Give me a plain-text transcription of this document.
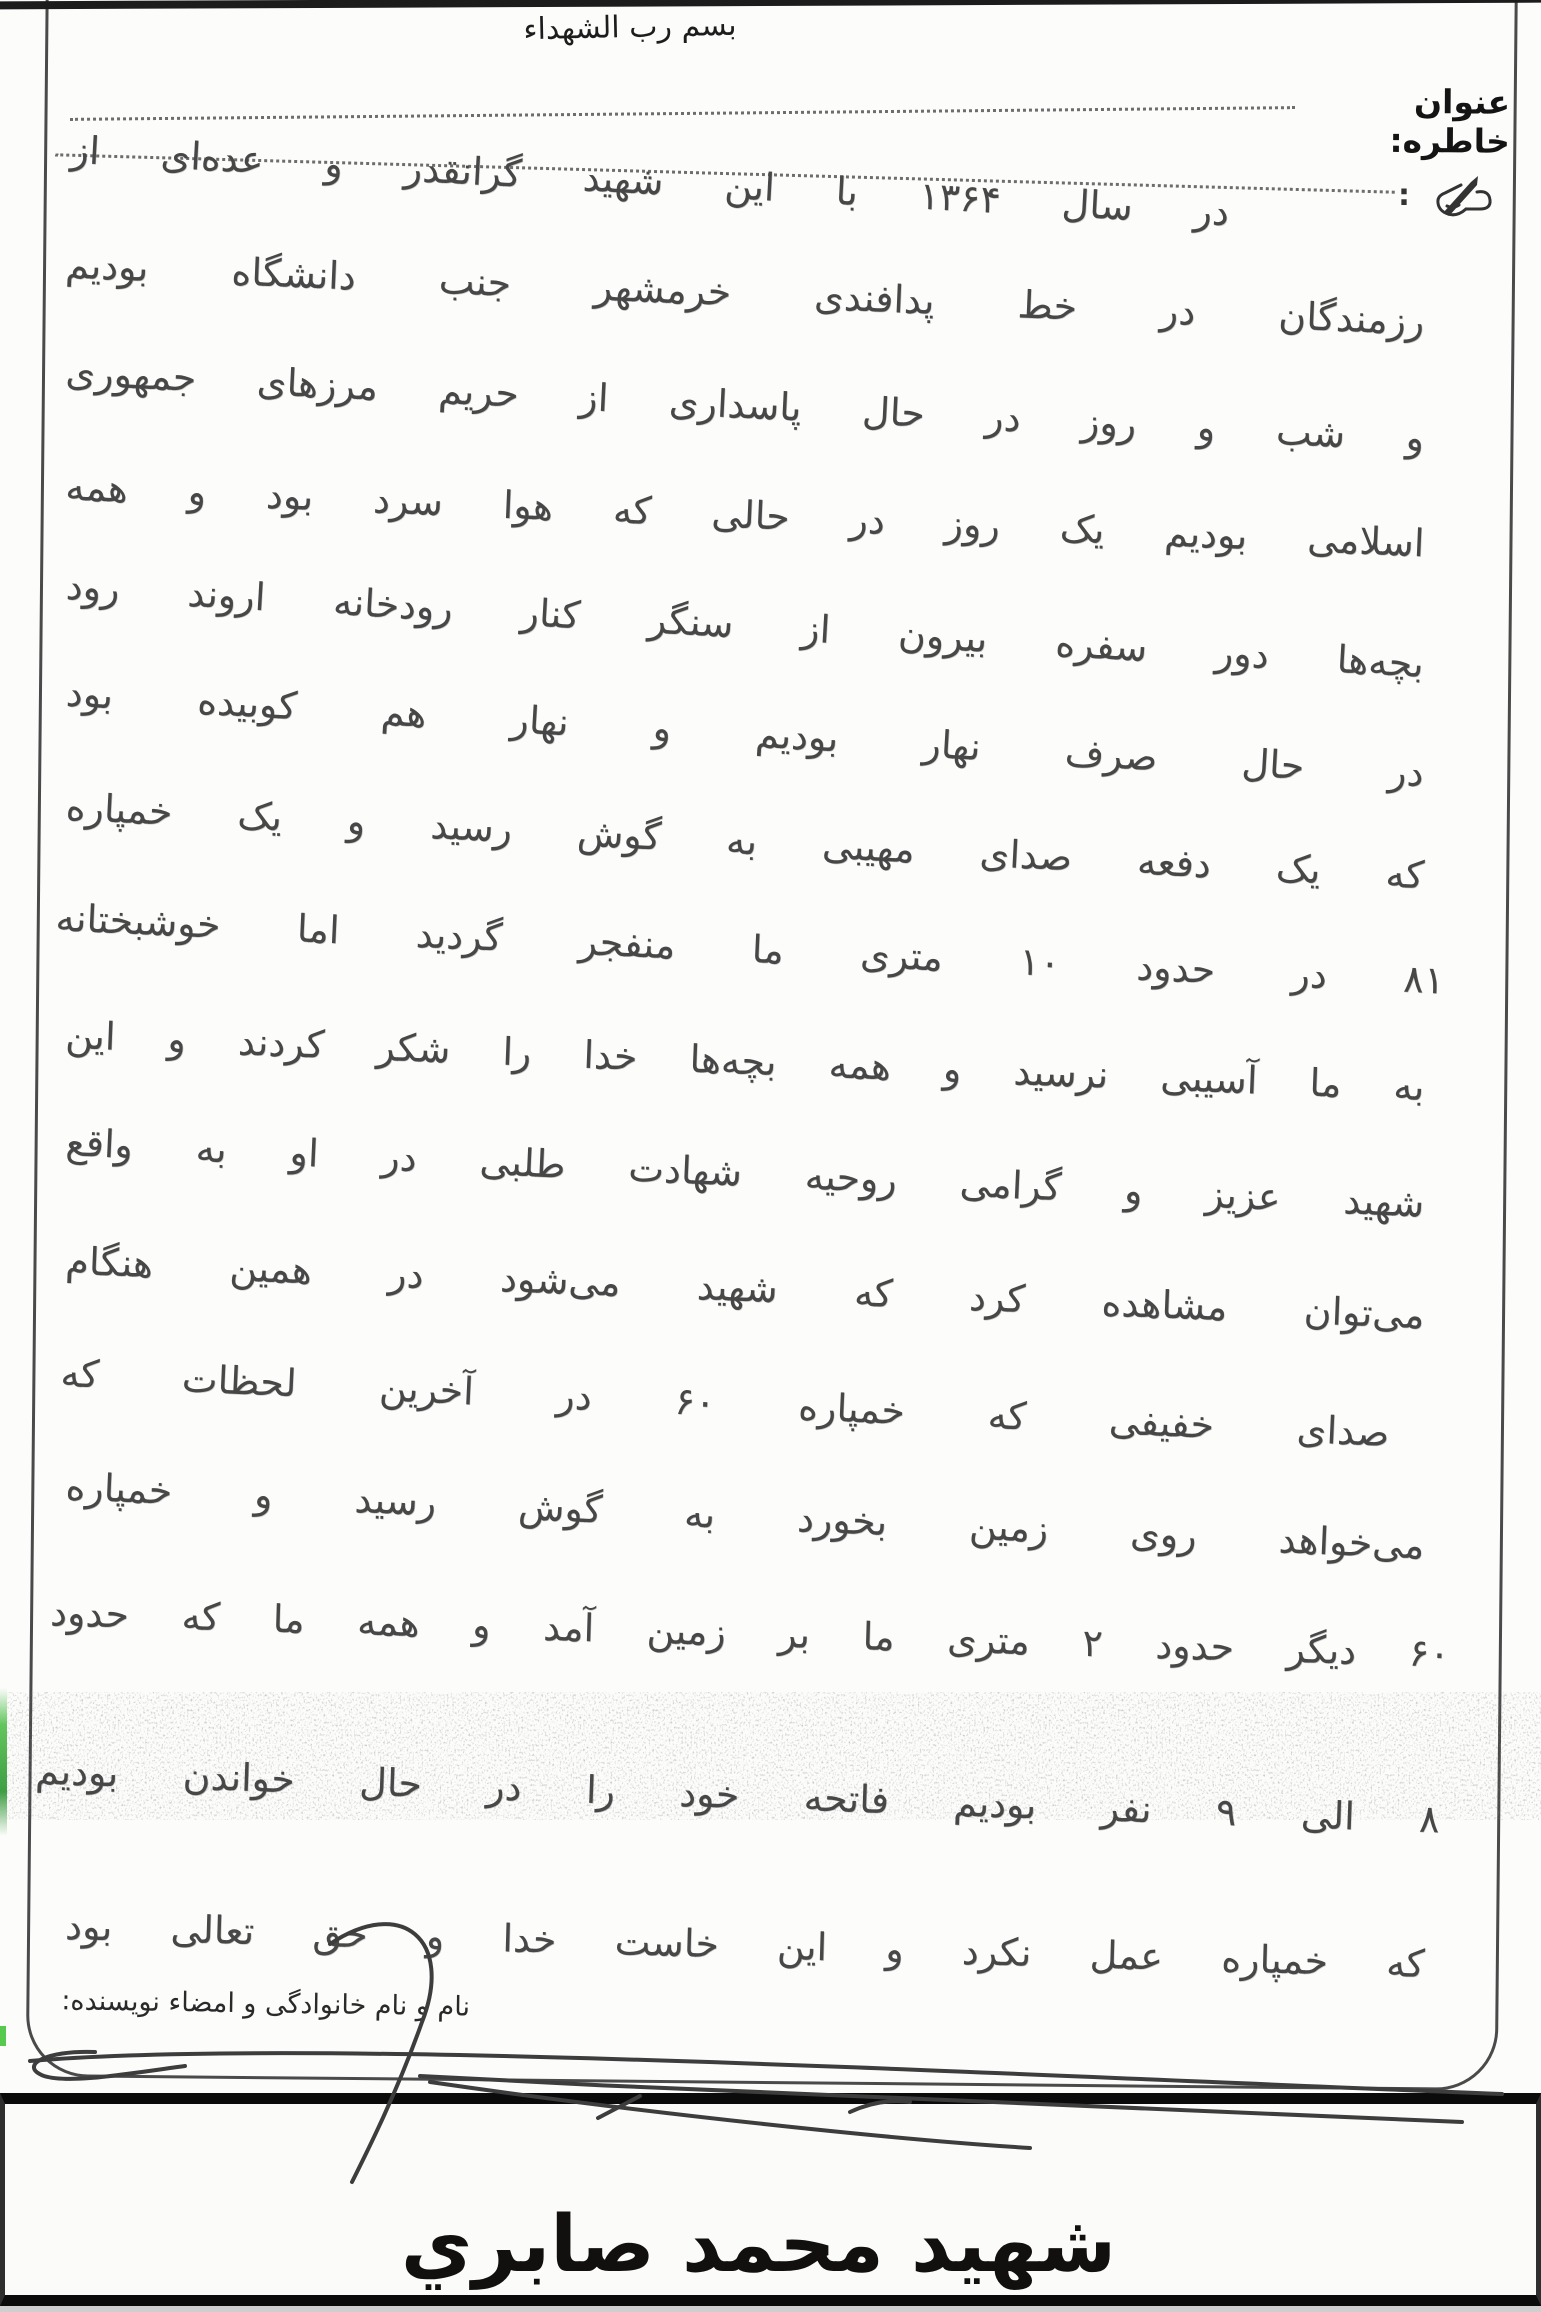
بسم رب الشهداء
عنوان خاطره:
:
در سال ۱۳۶۴ با این شهید گرانقدر و عده‌ای از
رزمندگان در خط پدافندی خرمشهر جنب دانشگاه بودیم
و شب و روز در حال پاسداری از حریم مرزهای جمهوری
اسلامی بودیم یک روز در حالی که هوا سرد بود و همه
بچه‌ها دور سفره بیرون از سنگر کنار رودخانه اروند رود
در حال صرف نهار بودیم و نهار هم کوبیده بود
که یک دفعه صدای مهیبی به گوش رسید و یک خمپاره
۸۱ در حدود ۱۰ متری ما منفجر گردید اما خوشبختانه
به ما آسیبی نرسید و همه بچه‌ها خدا را شکر کردند و این
شهید عزیز و گرامی روحیه شهادت طلبی در او به واقع
می‌توان مشاهده کرد که شهید می‌شود در همین هنگام
صدای خفیفی که خمپاره ۶۰ در آخرین لحظات که
می‌خواهد روی زمین بخورد به گوش رسید و خمپاره
۶۰ دیگر حدود ۲ متری ما بر زمین آمد و همه ما که حدود
۸ الی ۹ نفر بودیم فاتحه خود را در حال خواندن بودیم
که خمپاره عمل نکرد و این خاست خدا و حق تعالی بود
نام و نام خانوادگی و امضاء نویسنده:
شهيد محمد صابري
